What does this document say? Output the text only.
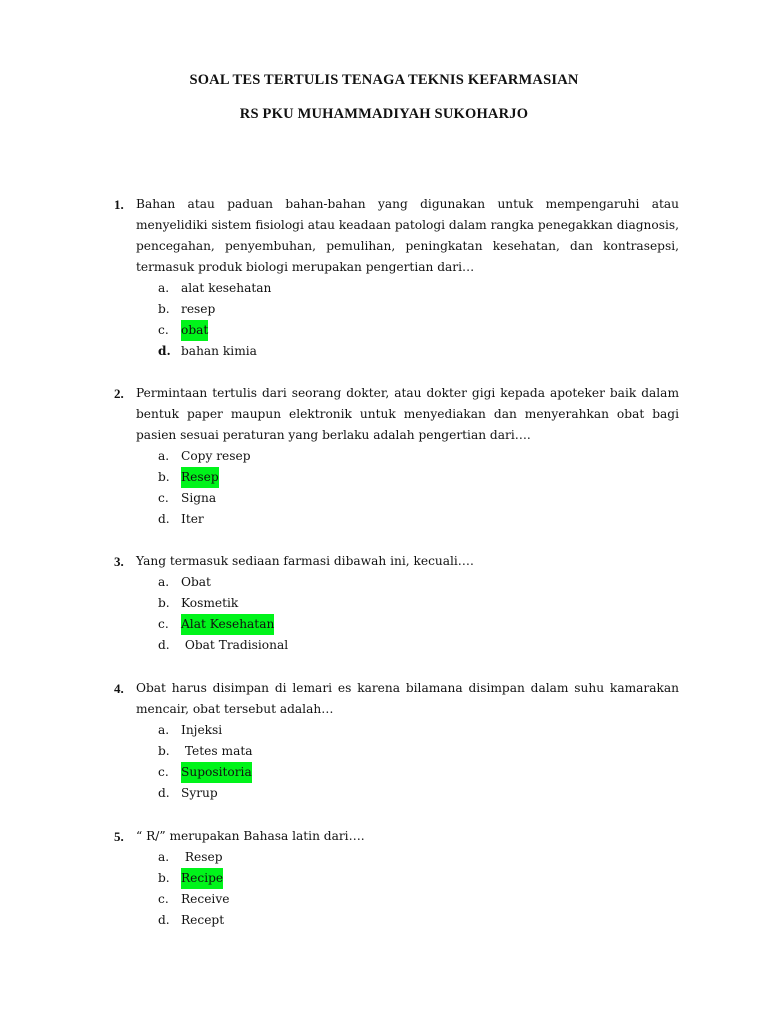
SOAL TES TERTULIS TENAGA TEKNIS KEFARMASIAN
RS PKU MUHAMMADIYAH SUKOHARJO
1.	Bahan atau paduan bahan-bahan yang digunakan untuk mempengaruhi atau menyelidiki sistem fisiologi atau keadaan patologi dalam rangka penegakkan diagnosis, pencegahan, penyembuhan, pemulihan, peningkatan kesehatan, dan kontrasepsi, termasuk produk biologi merupakan pengertian dari…
a. alat kesehatan
b. resep
c. obat
d. bahan kimia
2.	Permintaan tertulis dari seorang dokter, atau dokter gigi kepada apoteker baik dalam bentuk paper maupun elektronik untuk menyediakan dan menyerahkan obat bagi pasien sesuai peraturan yang berlaku adalah pengertian dari….
a. Copy resep
b. Resep
c. Signa
d. Iter
3.	Yang termasuk sediaan farmasi dibawah ini, kecuali….
a. Obat
b. Kosmetik
c. Alat Kesehatan
d. Obat Tradisional
4.	Obat harus disimpan di lemari es karena bilamana disimpan dalam suhu kamarakan mencair, obat tersebut adalah…
a. Injeksi
b. Tetes mata
c. Supositoria
d. Syrup
5.	“ R/” merupakan Bahasa latin dari….
a. Resep
b. Recipe
c. Receive
d. Recept
